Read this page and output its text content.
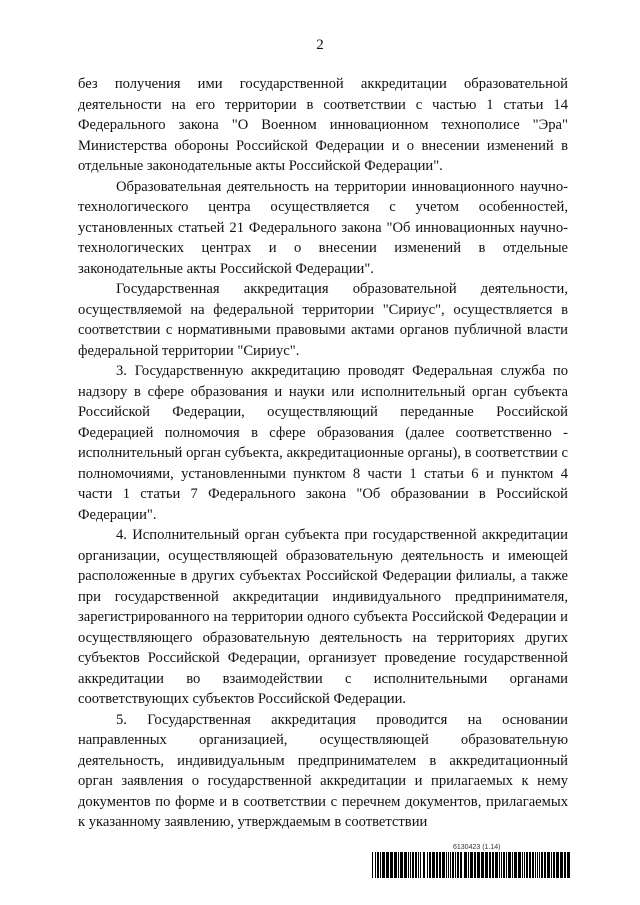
2

без получения ими государственной аккредитации образовательной деятельности на его территории в соответствии с частью 1 статьи 14 Федерального закона "О Военном инновационном технополисе "Эра" Министерства обороны Российской Федерации и о внесении изменений в отдельные законодательные акты Российской Федерации".

Образовательная деятельность на территории инновационного научно-технологического центра осуществляется с учетом особенностей, установленных статьей 21 Федерального закона "Об инновационных научно-технологических центрах и о внесении изменений в отдельные законодательные акты Российской Федерации".

Государственная аккредитация образовательной деятельности, осуществляемой на федеральной территории "Сириус", осуществляется в соответствии с нормативными правовыми актами органов публичной власти федеральной территории "Сириус".

3. Государственную аккредитацию проводят Федеральная служба по надзору в сфере образования и науки или исполнительный орган субъекта Российской Федерации, осуществляющий переданные Российской Федерацией полномочия в сфере образования (далее соответственно - исполнительный орган субъекта, аккредитационные органы), в соответствии с полномочиями, установленными пунктом 8 части 1 статьи 6 и пунктом 4 части 1 статьи 7 Федерального закона "Об образовании в Российской Федерации".

4. Исполнительный орган субъекта при государственной аккредитации организации, осуществляющей образовательную деятельность и имеющей расположенные в других субъектах Российской Федерации филиалы, а также при государственной аккредитации индивидуального предпринимателя, зарегистрированного на территории одного субъекта Российской Федерации и осуществляющего образовательную деятельность на территориях других субъектов Российской Федерации, организует проведение государственной аккредитации во взаимодействии с исполнительными органами соответствующих субъектов Российской Федерации.

5. Государственная аккредитация проводится на основании направленных организацией, осуществляющей образовательную деятельность, индивидуальным предпринимателем в аккредитационный орган заявления о государственной аккредитации и прилагаемых к нему документов по форме и в соответствии с перечнем документов, прилагаемых к указанному заявлению, утверждаемым в соответствии

6130423 (1.14)
